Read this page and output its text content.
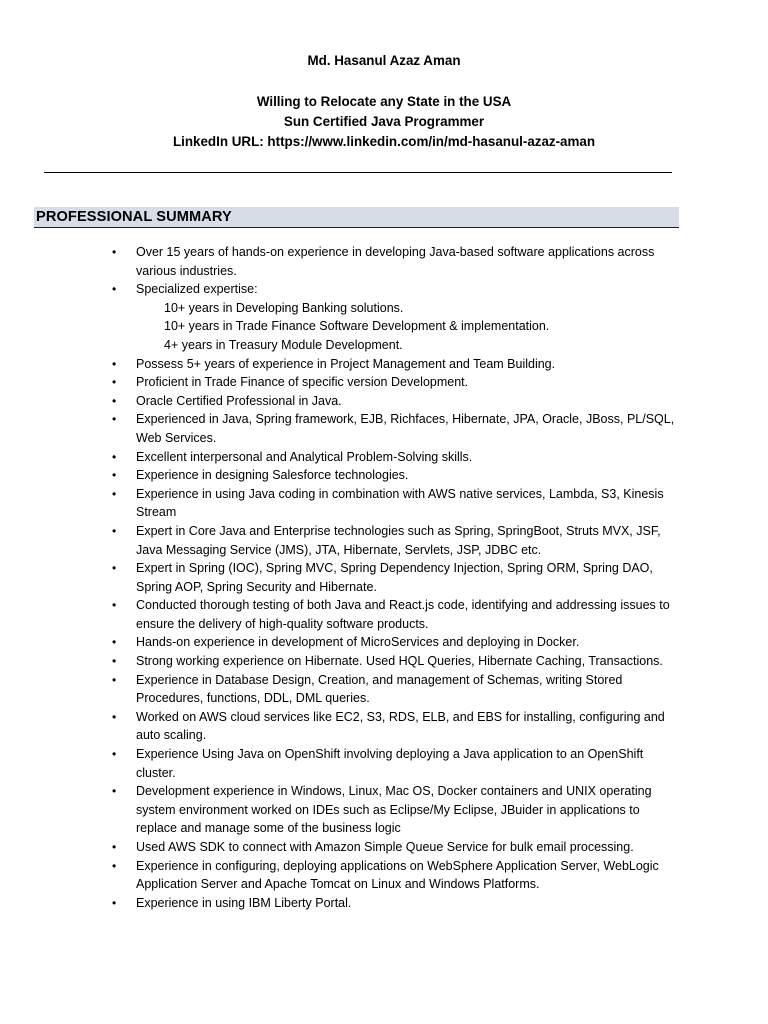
Md. Hasanul Azaz Aman
Willing to Relocate any State in the USA
Sun Certified Java Programmer
LinkedIn URL: https://www.linkedin.com/in/md-hasanul-azaz-aman
PROFESSIONAL SUMMARY
•	Over 15 years of hands-on experience in developing Java-based software applications across various industries.
•	Specialized expertise:
10+ years in Developing Banking solutions.
10+ years in Trade Finance Software Development & implementation.
4+ years in Treasury Module Development.
•	Possess 5+ years of experience in Project Management and Team Building.
•	Proficient in Trade Finance of specific version Development.
•	Oracle Certified Professional in Java.
•	Experienced in Java, Spring framework, EJB, Richfaces, Hibernate, JPA, Oracle, JBoss, PL/SQL, Web Services.
•	Excellent interpersonal and Analytical Problem-Solving skills.
•	Experience in designing Salesforce technologies.
•	Experience in using Java coding in combination with AWS native services, Lambda, S3, Kinesis Stream
•	Expert in Core Java and Enterprise technologies such as Spring, SpringBoot, Struts MVX, JSF, Java Messaging Service (JMS), JTA, Hibernate, Servlets, JSP, JDBC etc.
•	Expert in Spring (IOC), Spring MVC, Spring Dependency Injection, Spring ORM, Spring DAO, Spring AOP, Spring Security and Hibernate.
•	Conducted thorough testing of both Java and React.js code, identifying and addressing issues to ensure the delivery of high-quality software products.
•	Hands-on experience in development of MicroServices and deploying in Docker.
•	Strong working experience on Hibernate. Used HQL Queries, Hibernate Caching, Transactions.
•	Experience in Database Design, Creation, and management of Schemas, writing Stored Procedures, functions, DDL, DML queries.
•	Worked on AWS cloud services like EC2, S3, RDS, ELB, and EBS for installing, configuring and auto scaling.
•	Experience Using Java on OpenShift involving deploying a Java application to an OpenShift cluster.
•	Development experience in Windows, Linux, Mac OS, Docker containers and UNIX operating system environment worked on IDEs such as Eclipse/My Eclipse, JBuider in applications to replace and manage some of the business logic
•	Used AWS SDK to connect with Amazon Simple Queue Service for bulk email processing.
•	Experience in configuring, deploying applications on WebSphere Application Server, WebLogic Application Server and Apache Tomcat on Linux and Windows Platforms.
•	Experience in using IBM Liberty Portal.
